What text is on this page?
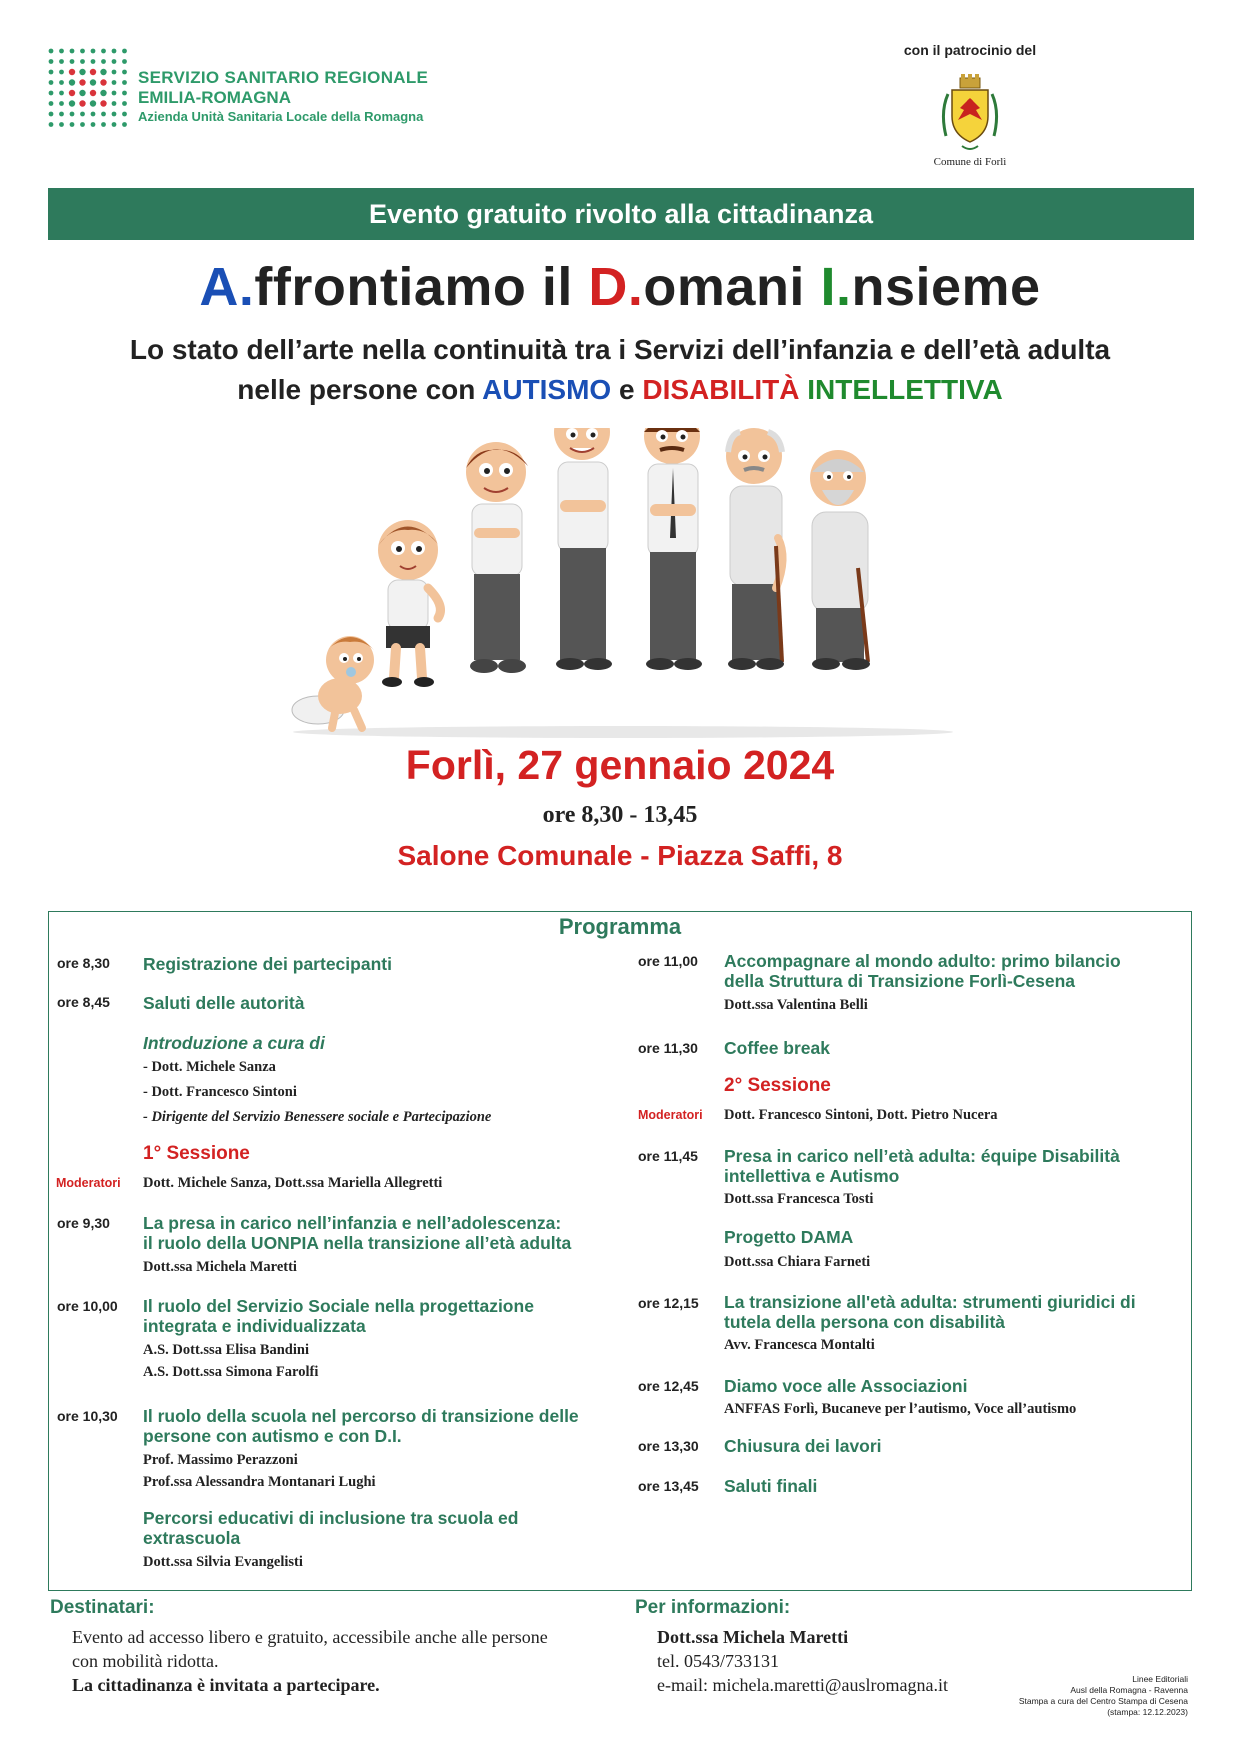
SERVIZIO SANITARIO REGIONALE
EMILIA-ROMAGNA
Azienda Unità Sanitaria Locale della Romagna
con il patrocinio del
Comune di Forlì
Evento gratuito rivolto alla cittadinanza
A.ffrontiamo il D.omani I.nsieme
Lo stato dell’arte nella continuità tra i Servizi dell’infanzia e dell’età adulta
nelle persone con AUTISMO e DISABILITÀ INTELLETTIVA
Forlì, 27 gennaio 2024
ore 8,30 - 13,45
Salone Comunale - Piazza Saffi, 8
Programma
ore 8,30 Registrazione dei partecipanti
ore 8,45 Saluti delle autorità
Introduzione a cura di
- Dott. Michele Sanza
- Dott. Francesco Sintoni
- Dirigente del Servizio Benessere sociale e Partecipazione
1° Sessione
Moderatori Dott. Michele Sanza, Dott.ssa Mariella Allegretti
ore 9,30 La presa in carico nell’infanzia e nell’adolescenza:
il ruolo della UONPIA nella transizione all’età adulta
Dott.ssa Michela Maretti
ore 10,00 Il ruolo del Servizio Sociale nella progettazione
integrata e individualizzata
A.S. Dott.ssa Elisa Bandini
A.S. Dott.ssa Simona Farolfi
ore 10,30 Il ruolo della scuola nel percorso di transizione delle
persone con autismo e con D.I.
Prof. Massimo Perazzoni
Prof.ssa Alessandra Montanari Lughi
Percorsi educativi di inclusione tra scuola ed
extrascuola
Dott.ssa Silvia Evangelisti
ore 11,00 Accompagnare al mondo adulto: primo bilancio
della Struttura di Transizione Forlì-Cesena
Dott.ssa Valentina Belli
ore 11,30 Coffee break
2° Sessione
Moderatori Dott. Francesco Sintoni, Dott. Pietro Nucera
ore 11,45 Presa in carico nell’età adulta: équipe Disabilità
intellettiva e Autismo
Dott.ssa Francesca Tosti
Progetto DAMA
Dott.ssa Chiara Farneti
ore 12,15 La transizione all'età adulta: strumenti giuridici di
tutela della persona con disabilità
Avv. Francesca Montalti
ore 12,45 Diamo voce alle Associazioni
ANFFAS Forlì, Bucaneve per l’autismo, Voce all’autismo
ore 13,30 Chiusura dei lavori
ore 13,45 Saluti finali
Destinatari:
Evento ad accesso libero e gratuito, accessibile anche alle persone
con mobilità ridotta.
La cittadinanza è invitata a partecipare.
Per informazioni:
Dott.ssa Michela Maretti
tel. 0543/733131
e-mail: michela.maretti@auslromagna.it	Linee Editoriali
Ausl della Romagna - Ravenna
Stampa a cura del Centro Stampa di Cesena
(stampa: 12.12.2023)
